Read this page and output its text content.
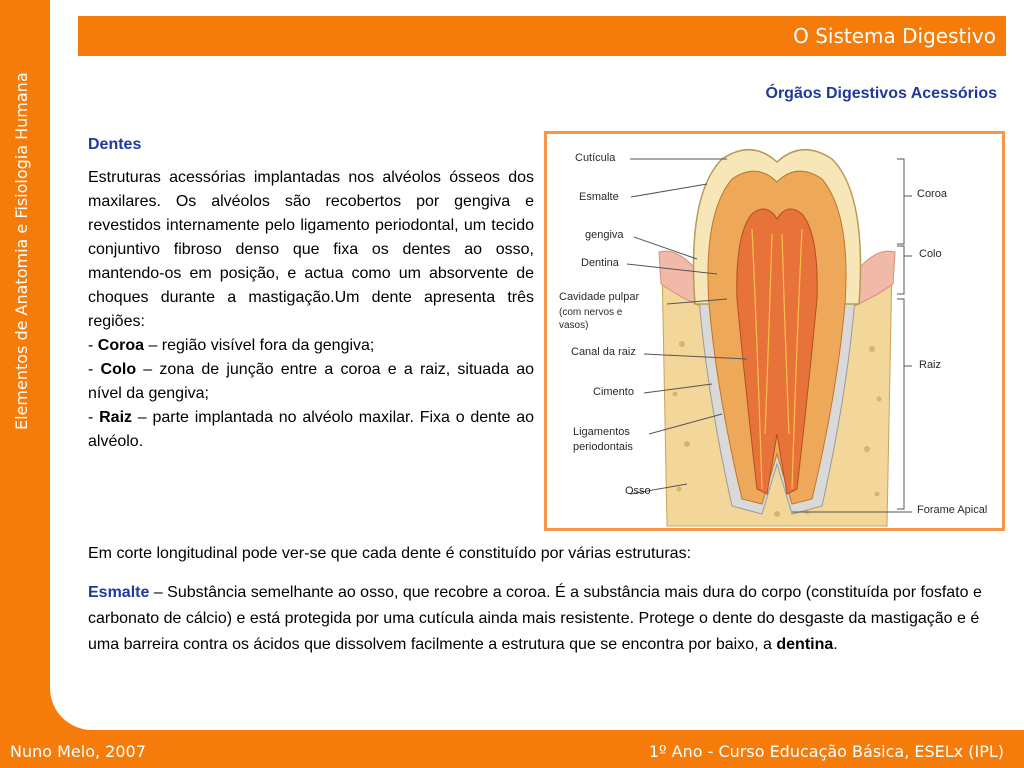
Elementos de Anatomia e Fisiologia Humana
O Sistema Digestivo
Órgãos Digestivos Acessórios
Dentes

Estruturas acessórias implantadas nos alvéolos ósseos dos maxilares. Os alvéolos são recobertos por gengiva e revestidos internamente pelo ligamento periodontal, um tecido conjuntivo fibroso denso que fixa os dentes ao osso, mantendo-os em posição, e actua como um absorvente de choques durante a mastigação.Um dente apresenta três regiões:

- Coroa – região visível fora da gengiva;
- Colo – zona de junção entre a coroa e a raiz, situada ao nível da gengiva;
- Raiz – parte implantada no alvéolo maxilar. Fixa o dente ao alvéolo.
Cutícula
Esmalte
gengiva
Dentina
Cavidade pulpar
(com nervos e
vasos)
Canal da raiz
Cimento
Ligamentos
periodontais
Osso
Coroa
Colo
Raiz
Forame Apical
Em corte longitudinal pode ver-se que cada dente é constituído por várias estruturas:
Esmalte – Substância semelhante ao osso, que recobre a coroa. É a substância mais dura do corpo (constituída por fosfato e carbonato de cálcio) e está protegida por uma cutícula ainda mais resistente. Protege o dente do desgaste da mastigação e é uma barreira contra os ácidos que dissolvem facilmente a estrutura que se encontra por baixo, a dentina.
Nuno Melo, 2007	1º Ano - Curso Educação Básica, ESELx (IPL)
